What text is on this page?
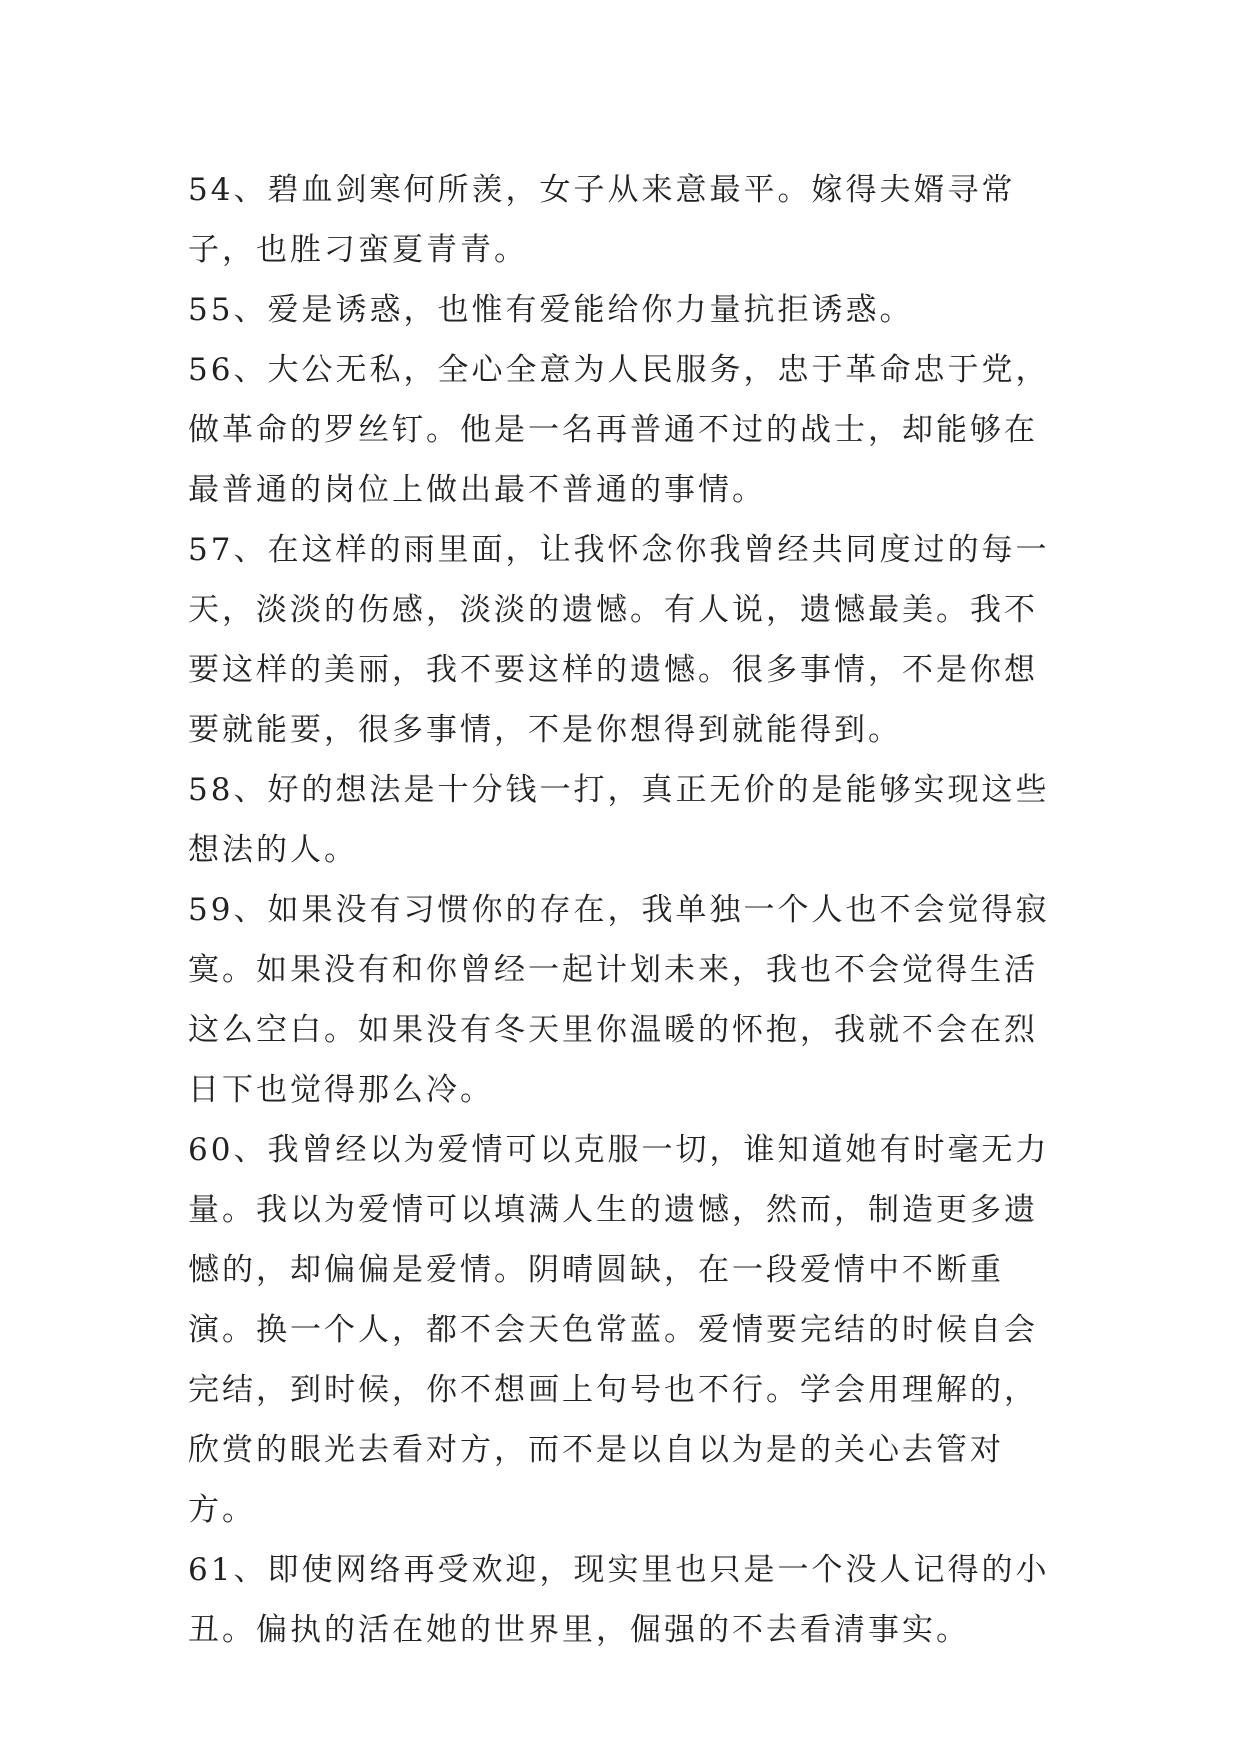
54、碧血剑寒何所羡，女子从来意最平。嫁得夫婿寻常子，也胜刁蛮夏青青。

55、爱是诱惑，也惟有爱能给你力量抗拒诱惑。

56、大公无私，全心全意为人民服务，忠于革命忠于党，做革命的罗丝钉。他是一名再普通不过的战士，却能够在最普通的岗位上做出最不普通的事情。

57、在这样的雨里面，让我怀念你我曾经共同度过的每一天，淡淡的伤感，淡淡的遗憾。有人说，遗憾最美。我不要这样的美丽，我不要这样的遗憾。很多事情，不是你想要就能要，很多事情，不是你想得到就能得到。

58、好的想法是十分钱一打，真正无价的是能够实现这些想法的人。

59、如果没有习惯你的存在，我单独一个人也不会觉得寂寞。如果没有和你曾经一起计划未来，我也不会觉得生活这么空白。如果没有冬天里你温暖的怀抱，我就不会在烈日下也觉得那么冷。

60、我曾经以为爱情可以克服一切，谁知道她有时毫无力量。我以为爱情可以填满人生的遗憾，然而，制造更多遗憾的，却偏偏是爱情。阴晴圆缺，在一段爱情中不断重演。换一个人，都不会天色常蓝。爱情要完结的时候自会完结，到时候，你不想画上句号也不行。学会用理解的，欣赏的眼光去看对方，而不是以自以为是的关心去管对方。

61、即使网络再受欢迎，现实里也只是一个没人记得的小丑。偏执的活在她的世界里，倔强的不去看清事实。
